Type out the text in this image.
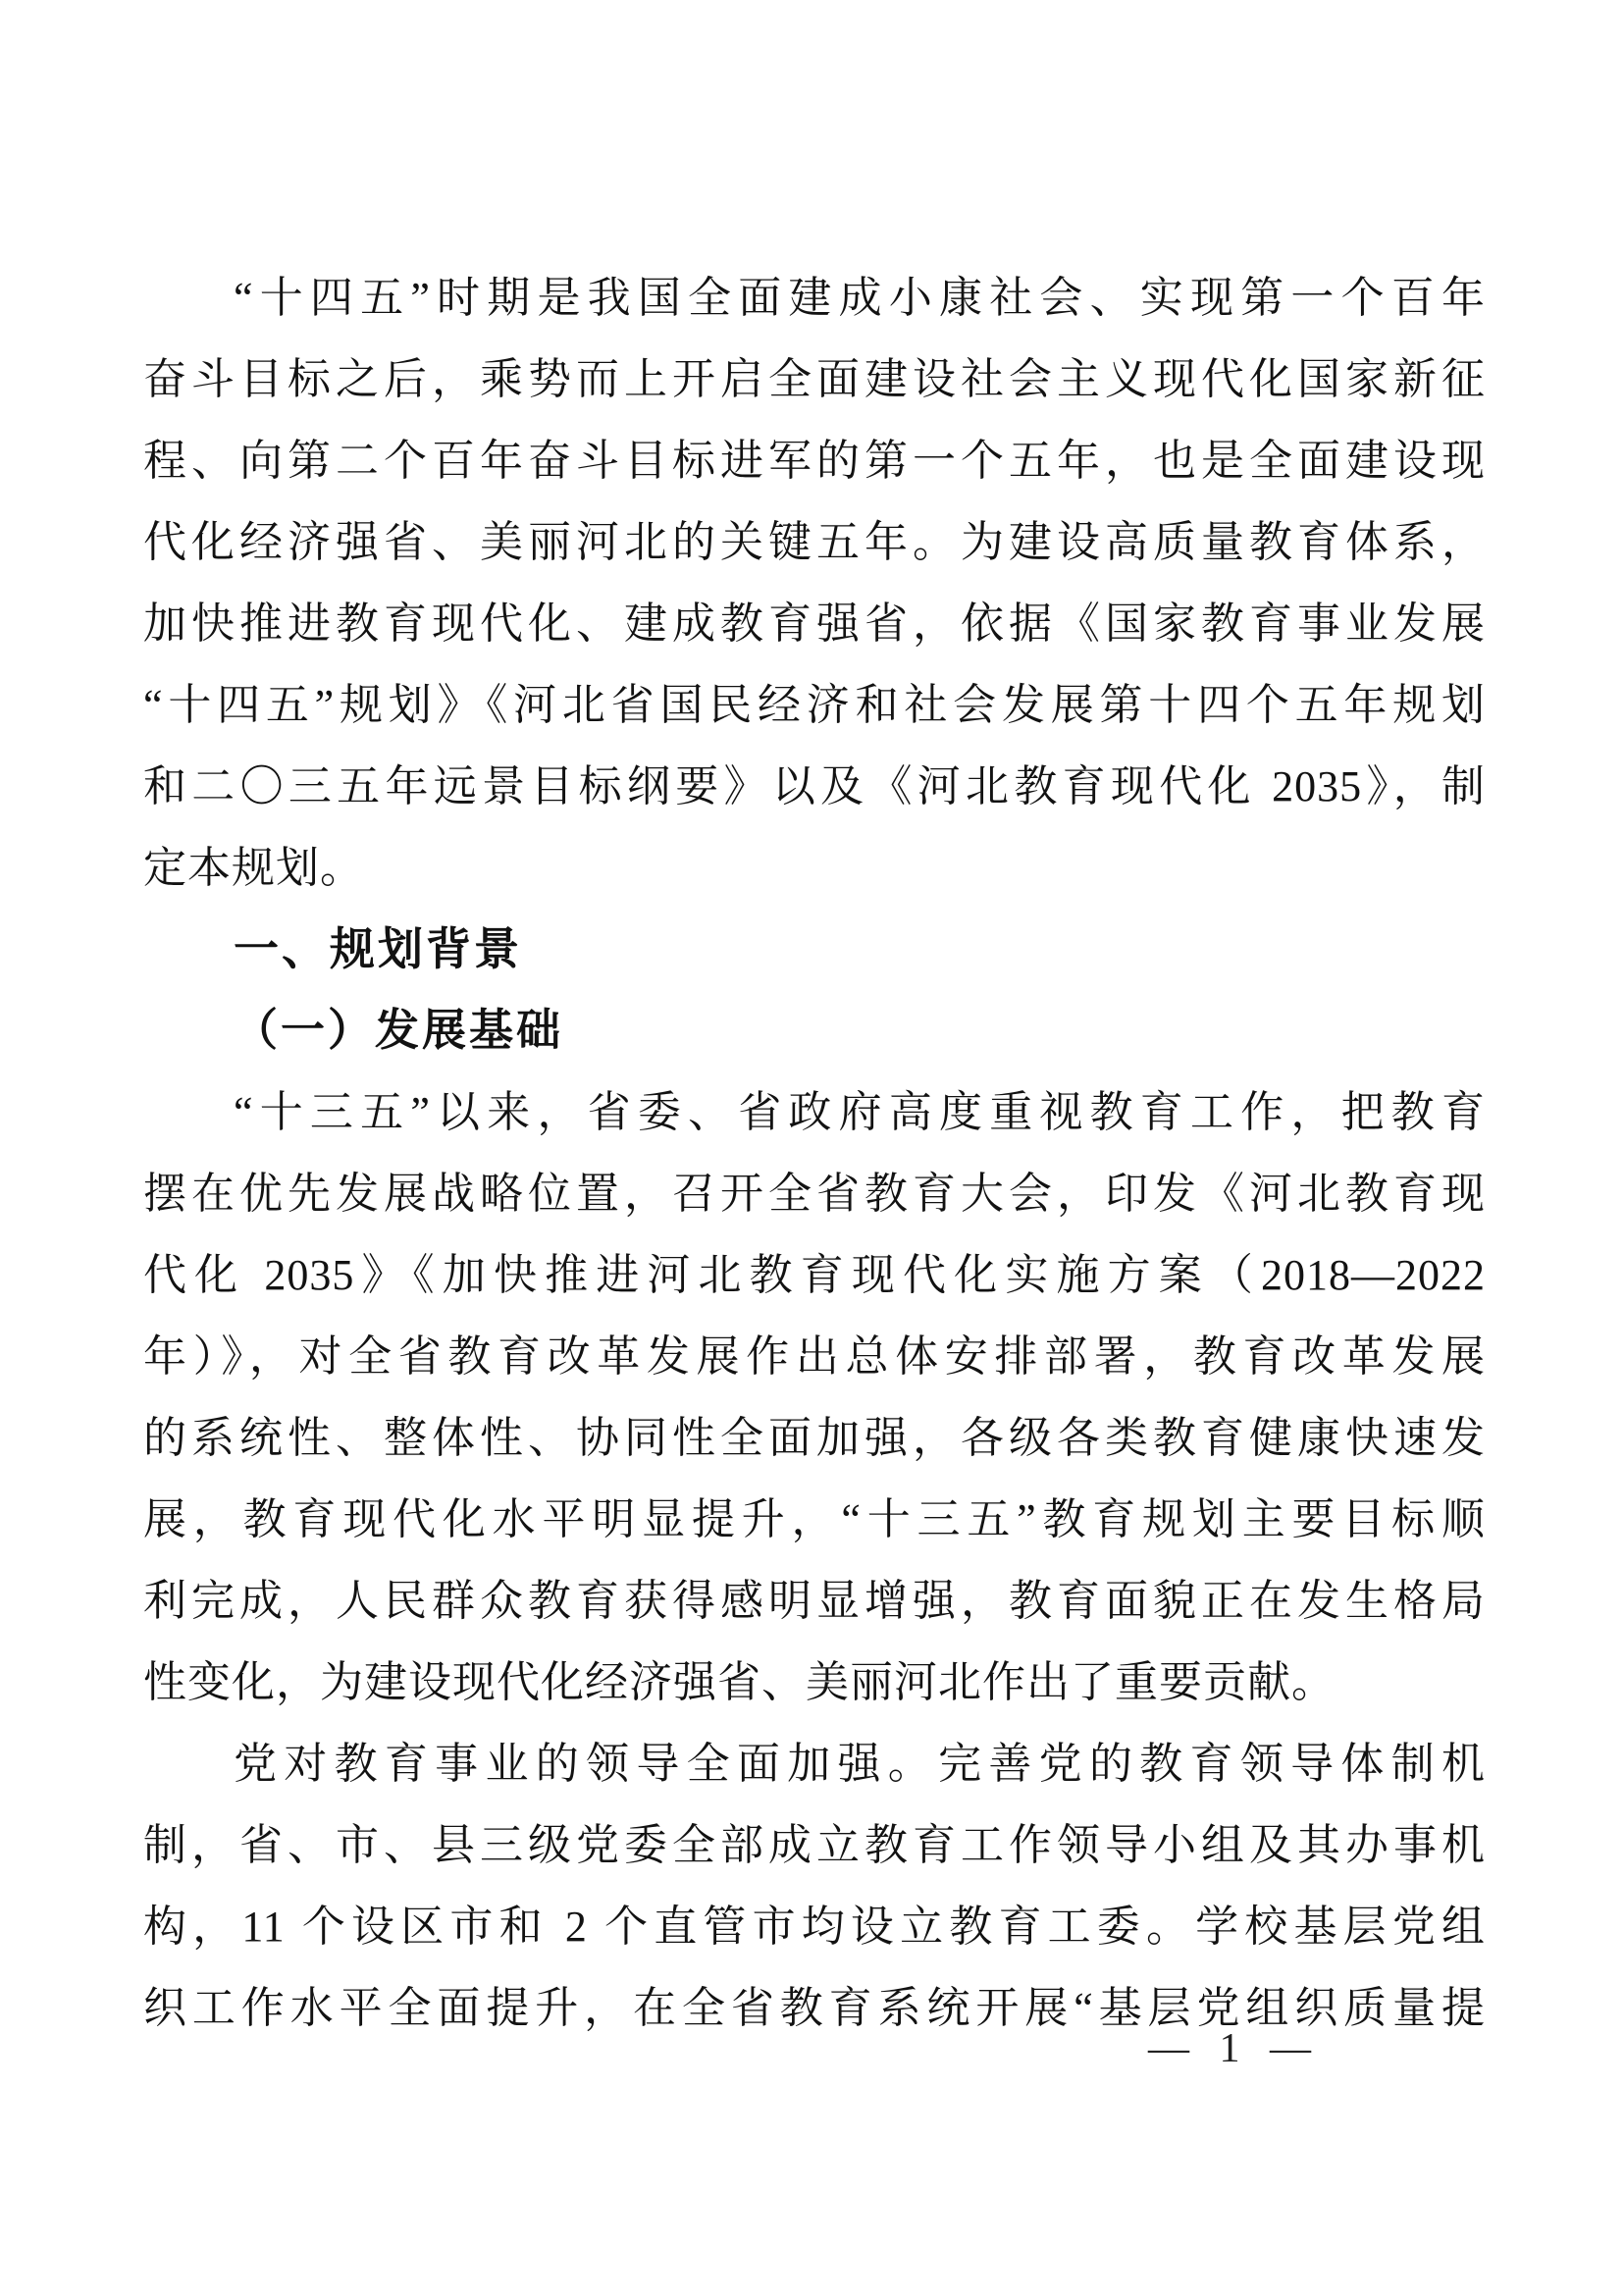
“十四五”时期是我国全面建成小康社会、实现第一个百年
奋斗目标之后，乘势而上开启全面建设社会主义现代化国家新征
程、向第二个百年奋斗目标进军的第一个五年，也是全面建设现
代化经济强省、美丽河北的关键五年。为建设高质量教育体系，
加快推进教育现代化、建成教育强省，依据《国家教育事业发展
“十四五”规划》《河北省国民经济和社会发展第十四个五年规划
和二〇三五年远景目标纲要》以及《河北教育现代化 2035》，制
定本规划。
一、规划背景
（一）发展基础
“十三五”以来，省委、省政府高度重视教育工作，把教育
摆在优先发展战略位置，召开全省教育大会，印发《河北教育现
代化 2035》《加快推进河北教育现代化实施方案（2018—2022
年）》，对全省教育改革发展作出总体安排部署，教育改革发展
的系统性、整体性、协同性全面加强，各级各类教育健康快速发
展，教育现代化水平明显提升，“十三五”教育规划主要目标顺
利完成，人民群众教育获得感明显增强，教育面貌正在发生格局
性变化，为建设现代化经济强省、美丽河北作出了重要贡献。
党对教育事业的领导全面加强。完善党的教育领导体制机
制，省、市、县三级党委全部成立教育工作领导小组及其办事机
构，11 个设区市和 2 个直管市均设立教育工委。学校基层党组
织工作水平全面提升，在全省教育系统开展“基层党组织质量提
— 1 —
